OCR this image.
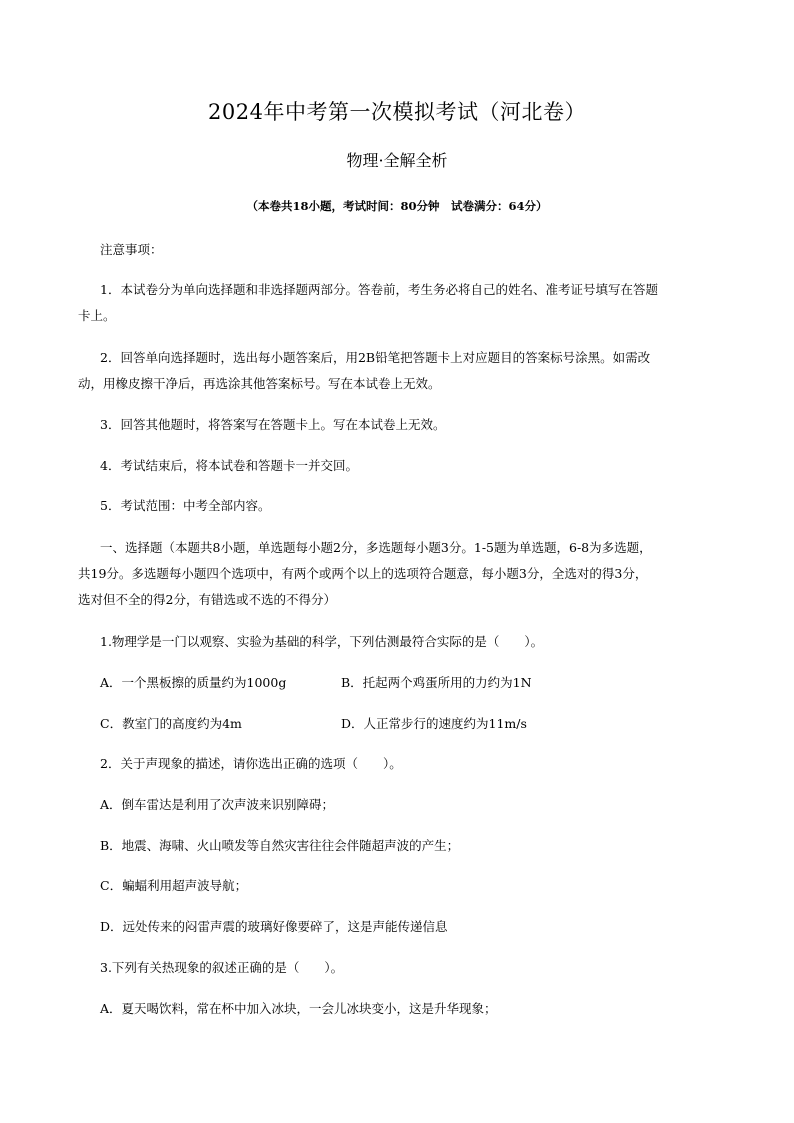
2024年中考第一次模拟考试（河北卷）
物理·全解全析
（本卷共18小题，考试时间：80分钟　试卷满分：64分）
注意事项：
1．本试卷分为单向选择题和非选择题两部分。答卷前，考生务必将自己的姓名、准考证号填写在答题
卡上。
2．回答单向选择题时，选出每小题答案后，用2B铅笔把答题卡上对应题目的答案标号涂黑。如需改
动，用橡皮擦干净后，再选涂其他答案标号。写在本试卷上无效。
3．回答其他题时，将答案写在答题卡上。写在本试卷上无效。
4．考试结束后，将本试卷和答题卡一并交回。
5．考试范围：中考全部内容。
一、选择题（本题共8小题，单选题每小题2分，多选题每小题3分。1-5题为单选题，6-8为多选题，
共19分。多选题每小题四个选项中，有两个或两个以上的选项符合题意，每小题3分，全选对的得3分，
选对但不全的得2分，有错选或不选的不得分）
1.物理学是一门以观察、实验为基础的科学，下列估测最符合实际的是（　　）。
A．一个黑板擦的质量约为1000g	B．托起两个鸡蛋所用的力约为1N
C．教室门的高度约为4m	D．人正常步行的速度约为11m/s
2．关于声现象的描述，请你选出正确的选项（　　）。
A．倒车雷达是利用了次声波来识别障碍；
B．地震、海啸、火山喷发等自然灾害往往会伴随超声波的产生；
C．蝙蝠利用超声波导航；
D．远处传来的闷雷声震的玻璃好像要碎了，这是声能传递信息
3.下列有关热现象的叙述正确的是（　　）。
A．夏天喝饮料，常在杯中加入冰块，一会儿冰块变小，这是升华现象；
